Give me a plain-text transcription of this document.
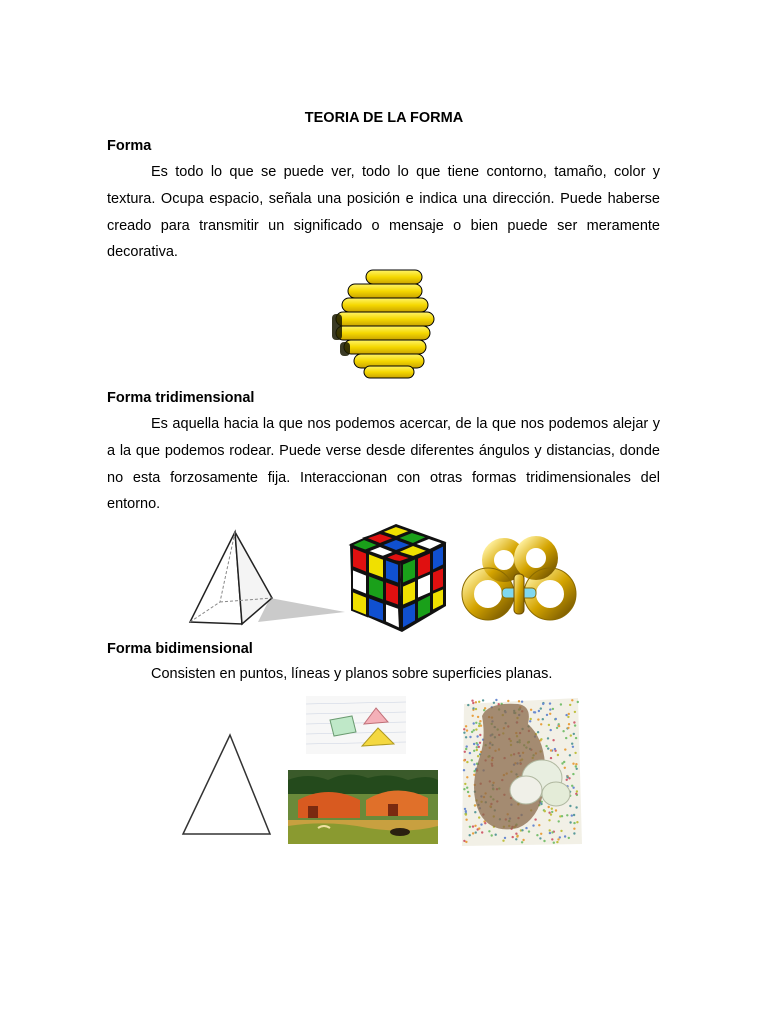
TEORIA DE LA FORMA
Forma

Es todo lo que se puede ver, todo lo que tiene contorno, tamaño, color y textura. Ocupa espacio, señala una posición e indica una dirección. Puede haberse creado para transmitir un significado o mensaje o bien puede ser meramente decorativa.

Forma tridimensional

Es aquella hacia la que nos podemos acercar, de la que nos podemos alejar y a la que podemos rodear. Puede verse desde diferentes ángulos y distancias, donde no esta forzosamente fija. Interaccionan con otras formas tridimensionales del entorno.

Forma bidimensional

Consisten en puntos, líneas y planos sobre superficies planas.
